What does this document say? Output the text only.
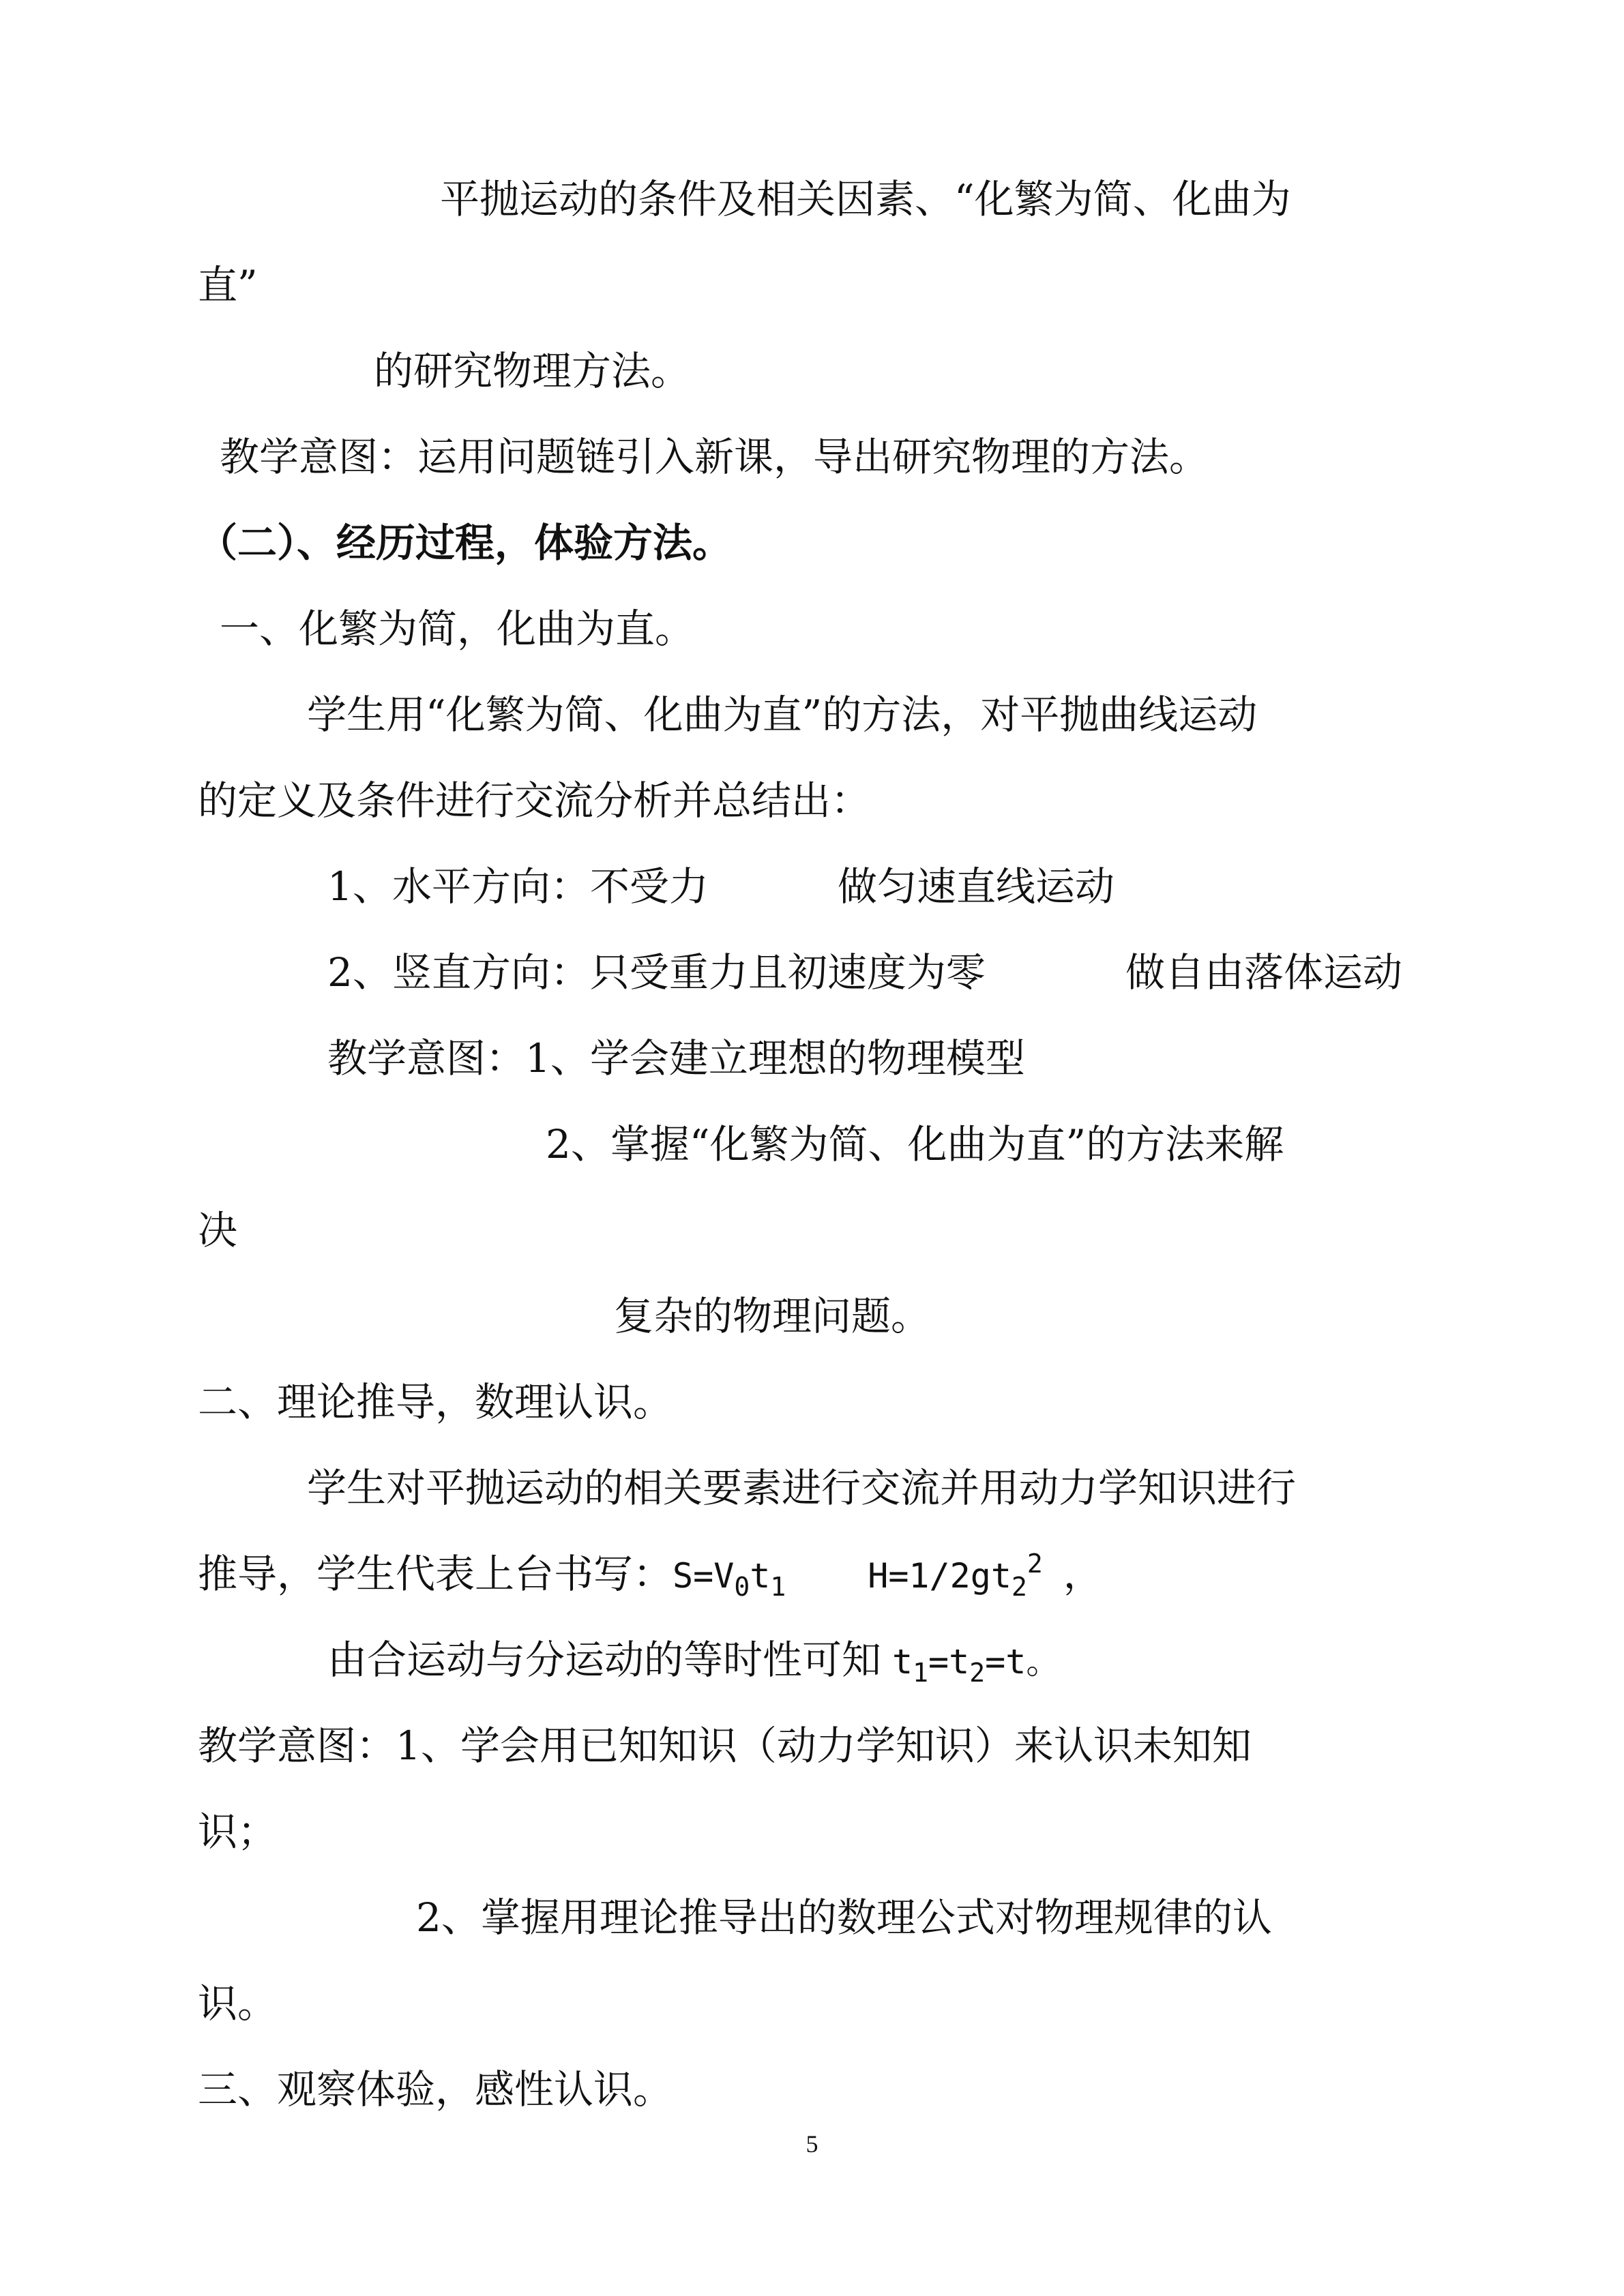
平抛运动的条件及相关因素、“化繁为简、化曲为
直”
的研究物理方法。
教学意图：运用问题链引入新课，导出研究物理的方法。
（二）、经历过程，体验方法。
一、化繁为简，化曲为直。
学生用“化繁为简、化曲为直”的方法，对平抛曲线运动
的定义及条件进行交流分析并总结出：
1、水平方向：不受力	做匀速直线运动
2、竖直方向：只受重力且初速度为零	做自由落体运动
教学意图：1、学会建立理想的物理模型
2、掌握“化繁为简、化曲为直”的方法来解
决
复杂的物理问题。
二、理论推导，数理认识。
学生对平抛运动的相关要素进行交流并用动力学知识进行
推导，学生代表上台书写：$S=V_0t_1$ $H=1/2gt_2^2$ ，
由合运动与分运动的等时性可知 $t_1=t_2=t$。
教学意图：1、学会用已知知识（动力学知识）来认识未知知
识；
2、掌握用理论推导出的数理公式对物理规律的认
识。
三、观察体验，感性认识。
5
